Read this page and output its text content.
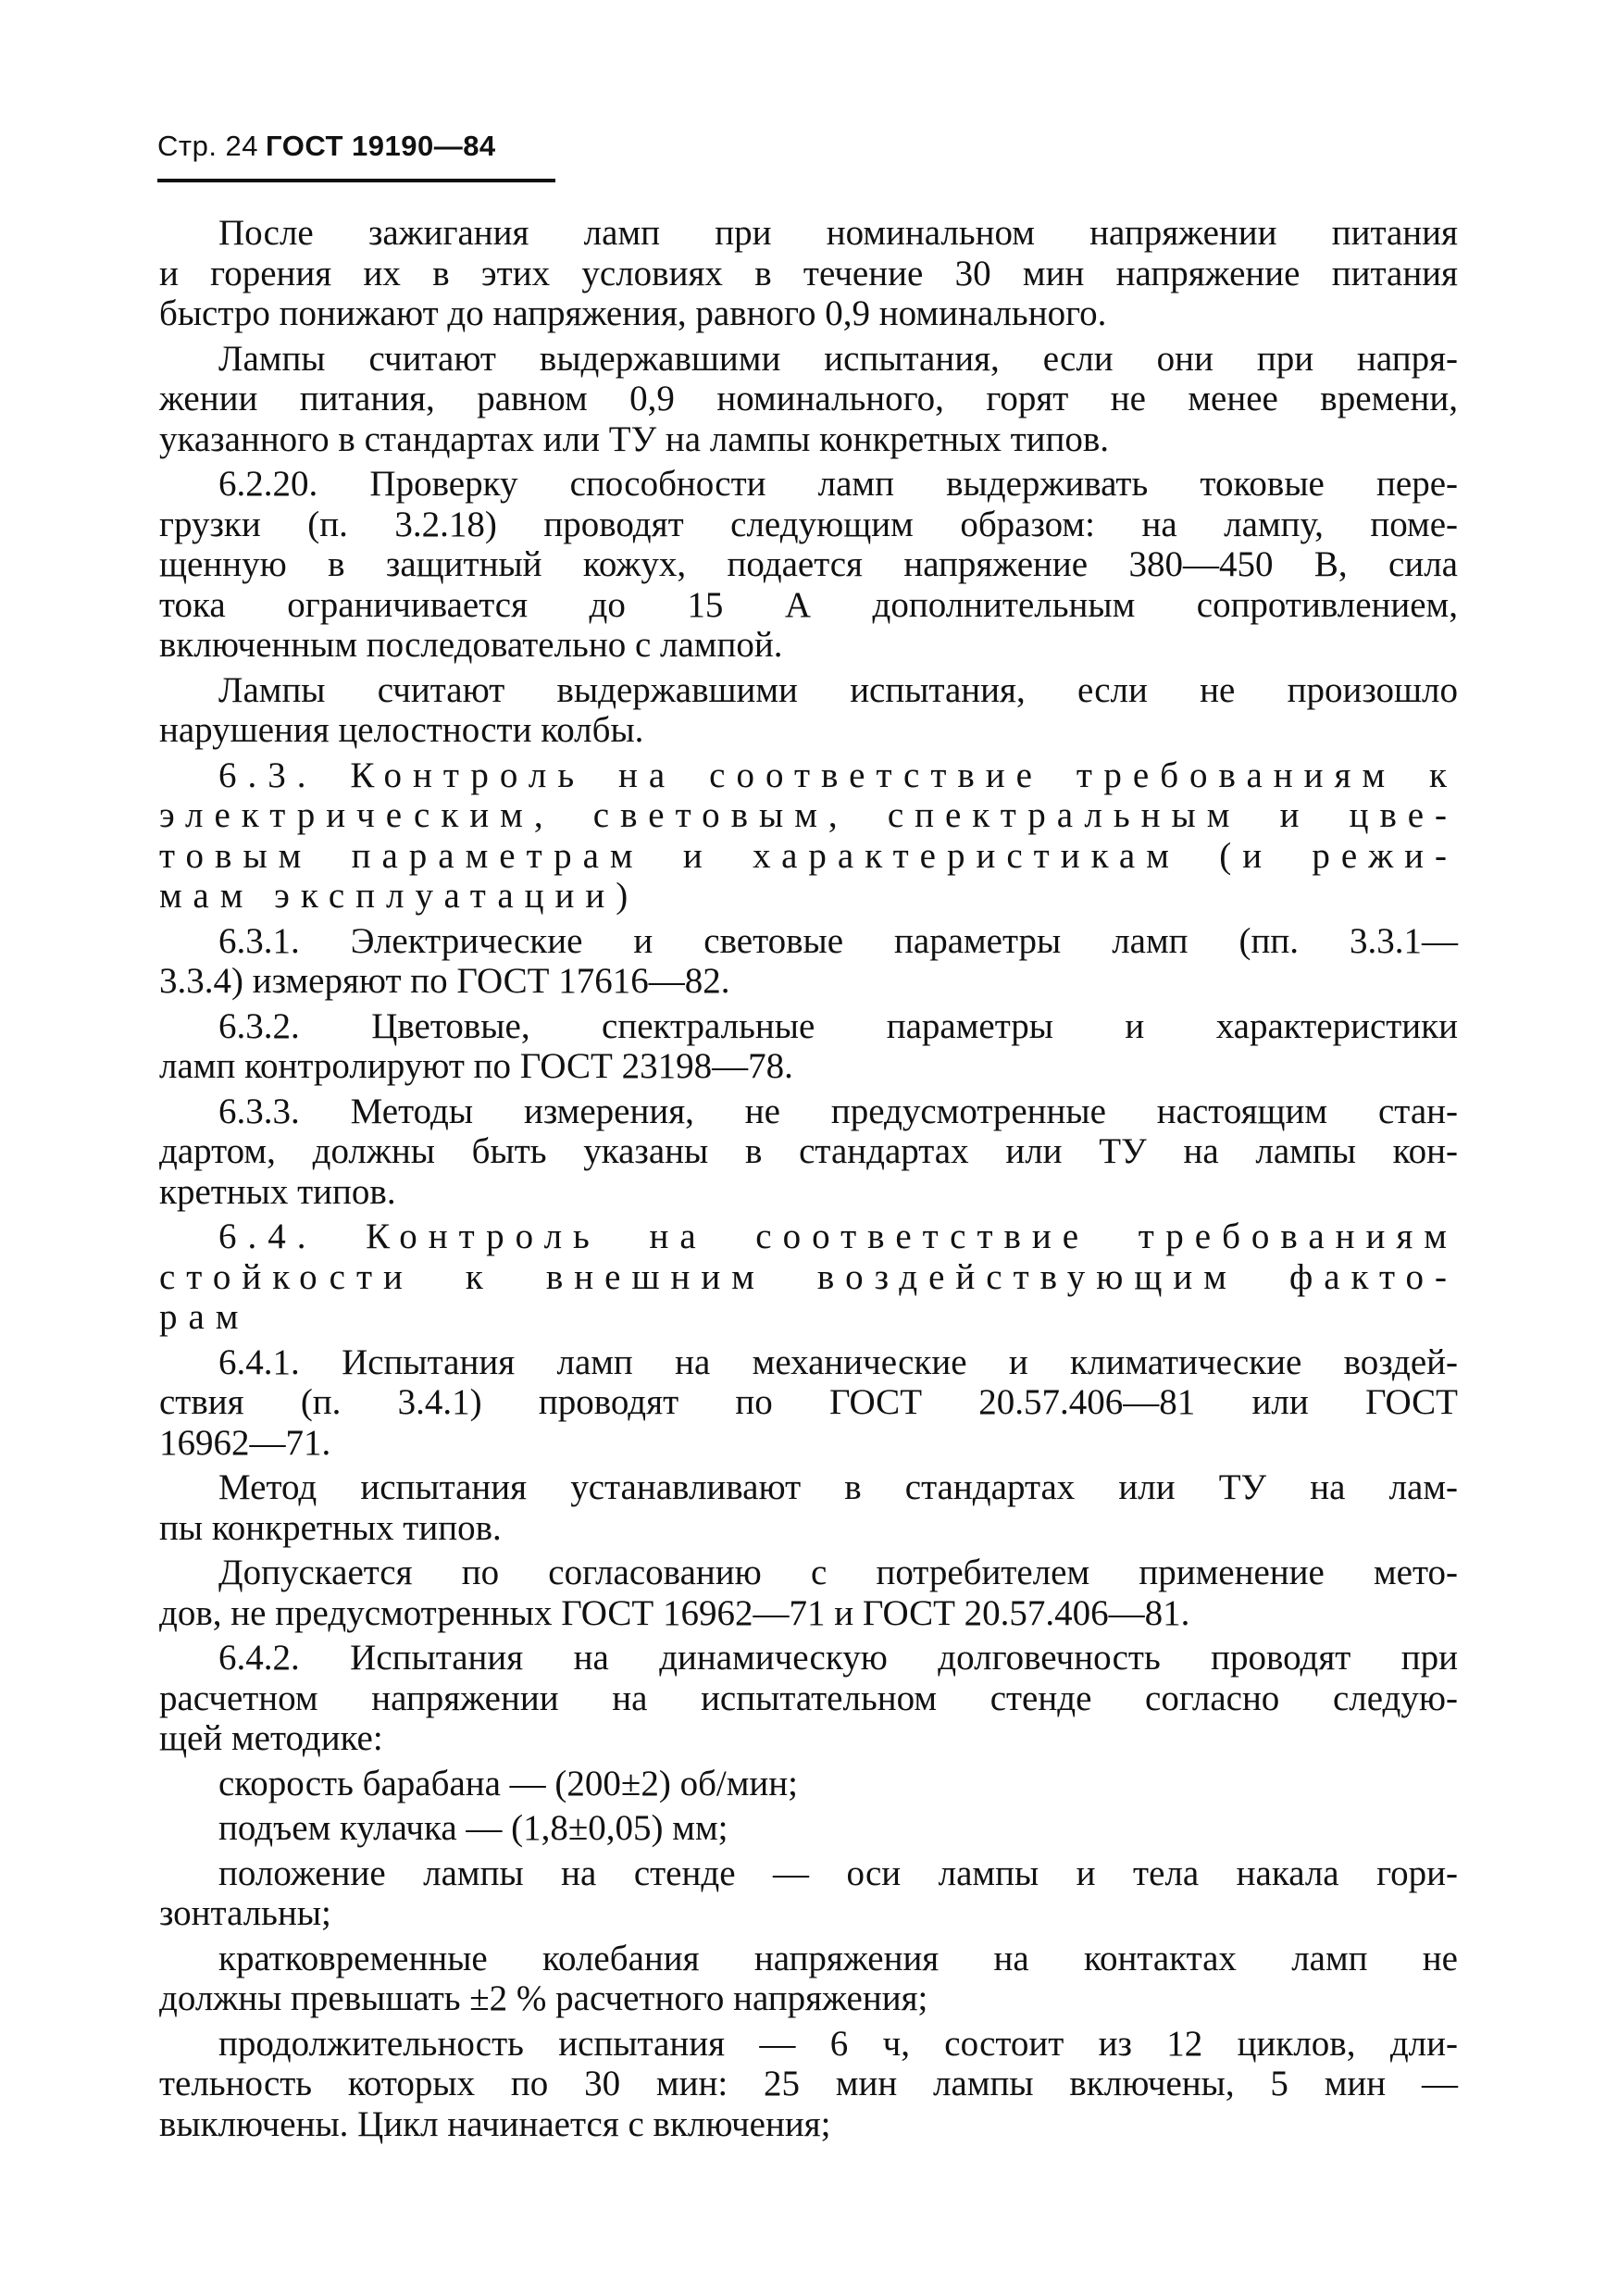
Стр. 24 ГОСТ 19190—84
После зажигания ламп при номинальном напряжении питания
и горения их в этих условиях в течение 30 мин напряжение питания
быстро понижают до напряжения, равного 0,9 номинального.
Лампы считают выдержавшими испытания, если они при напря-
жении питания, равном 0,9 номинального, горят не менее времени,
указанного в стандартах или ТУ на лампы конкретных типов.
6.2.20. Проверку способности ламп выдерживать токовые пере-
грузки (п. 3.2.18) проводят следующим образом: на лампу, поме-
щенную в защитный кожух, подается напряжение 380—450 В, сила
тока ограничивается до 15 А дополнительным сопротивлением,
включенным последовательно с лампой.
Лампы считают выдержавшими испытания, если не произошло
нарушения целостности колбы.
6.3. Контроль на соответствие требованиям к
электрическим, световым, спектральным и цве-
товым параметрам и характеристикам (и режи-
мам эксплуатации)
6.3.1. Электрические и световые параметры ламп (пп. 3.3.1—
3.3.4) измеряют по ГОСТ 17616—82.
6.3.2. Цветовые, спектральные параметры и характеристики
ламп контролируют по ГОСТ 23198—78.
6.3.3. Методы измерения, не предусмотренные настоящим стан-
дартом, должны быть указаны в стандартах или ТУ на лампы кон-
кретных типов.
6.4. Контроль на соответствие требованиям
стойкости к внешним воздействующим факто-
рам
6.4.1. Испытания ламп на механические и климатические воздей-
ствия (п. 3.4.1) проводят по ГОСТ 20.57.406—81 или ГОСТ
16962—71.
Метод испытания устанавливают в стандартах или ТУ на лам-
пы конкретных типов.
Допускается по согласованию с потребителем применение мето-
дов, не предусмотренных ГОСТ 16962—71 и ГОСТ 20.57.406—81.
6.4.2. Испытания на динамическую долговечность проводят при
расчетном напряжении на испытательном стенде согласно следую-
щей методике:
скорость барабана — (200±2) об/мин;
подъем кулачка — (1,8±0,05) мм;
положение лампы на стенде — оси лампы и тела накала гори-
зонтальны;
кратковременные колебания напряжения на контактах ламп не
должны превышать ±2 % расчетного напряжения;
продолжительность испытания — 6 ч, состоит из 12 циклов, дли-
тельность которых по 30 мин: 25 мин лампы включены, 5 мин —
выключены. Цикл начинается с включения;
